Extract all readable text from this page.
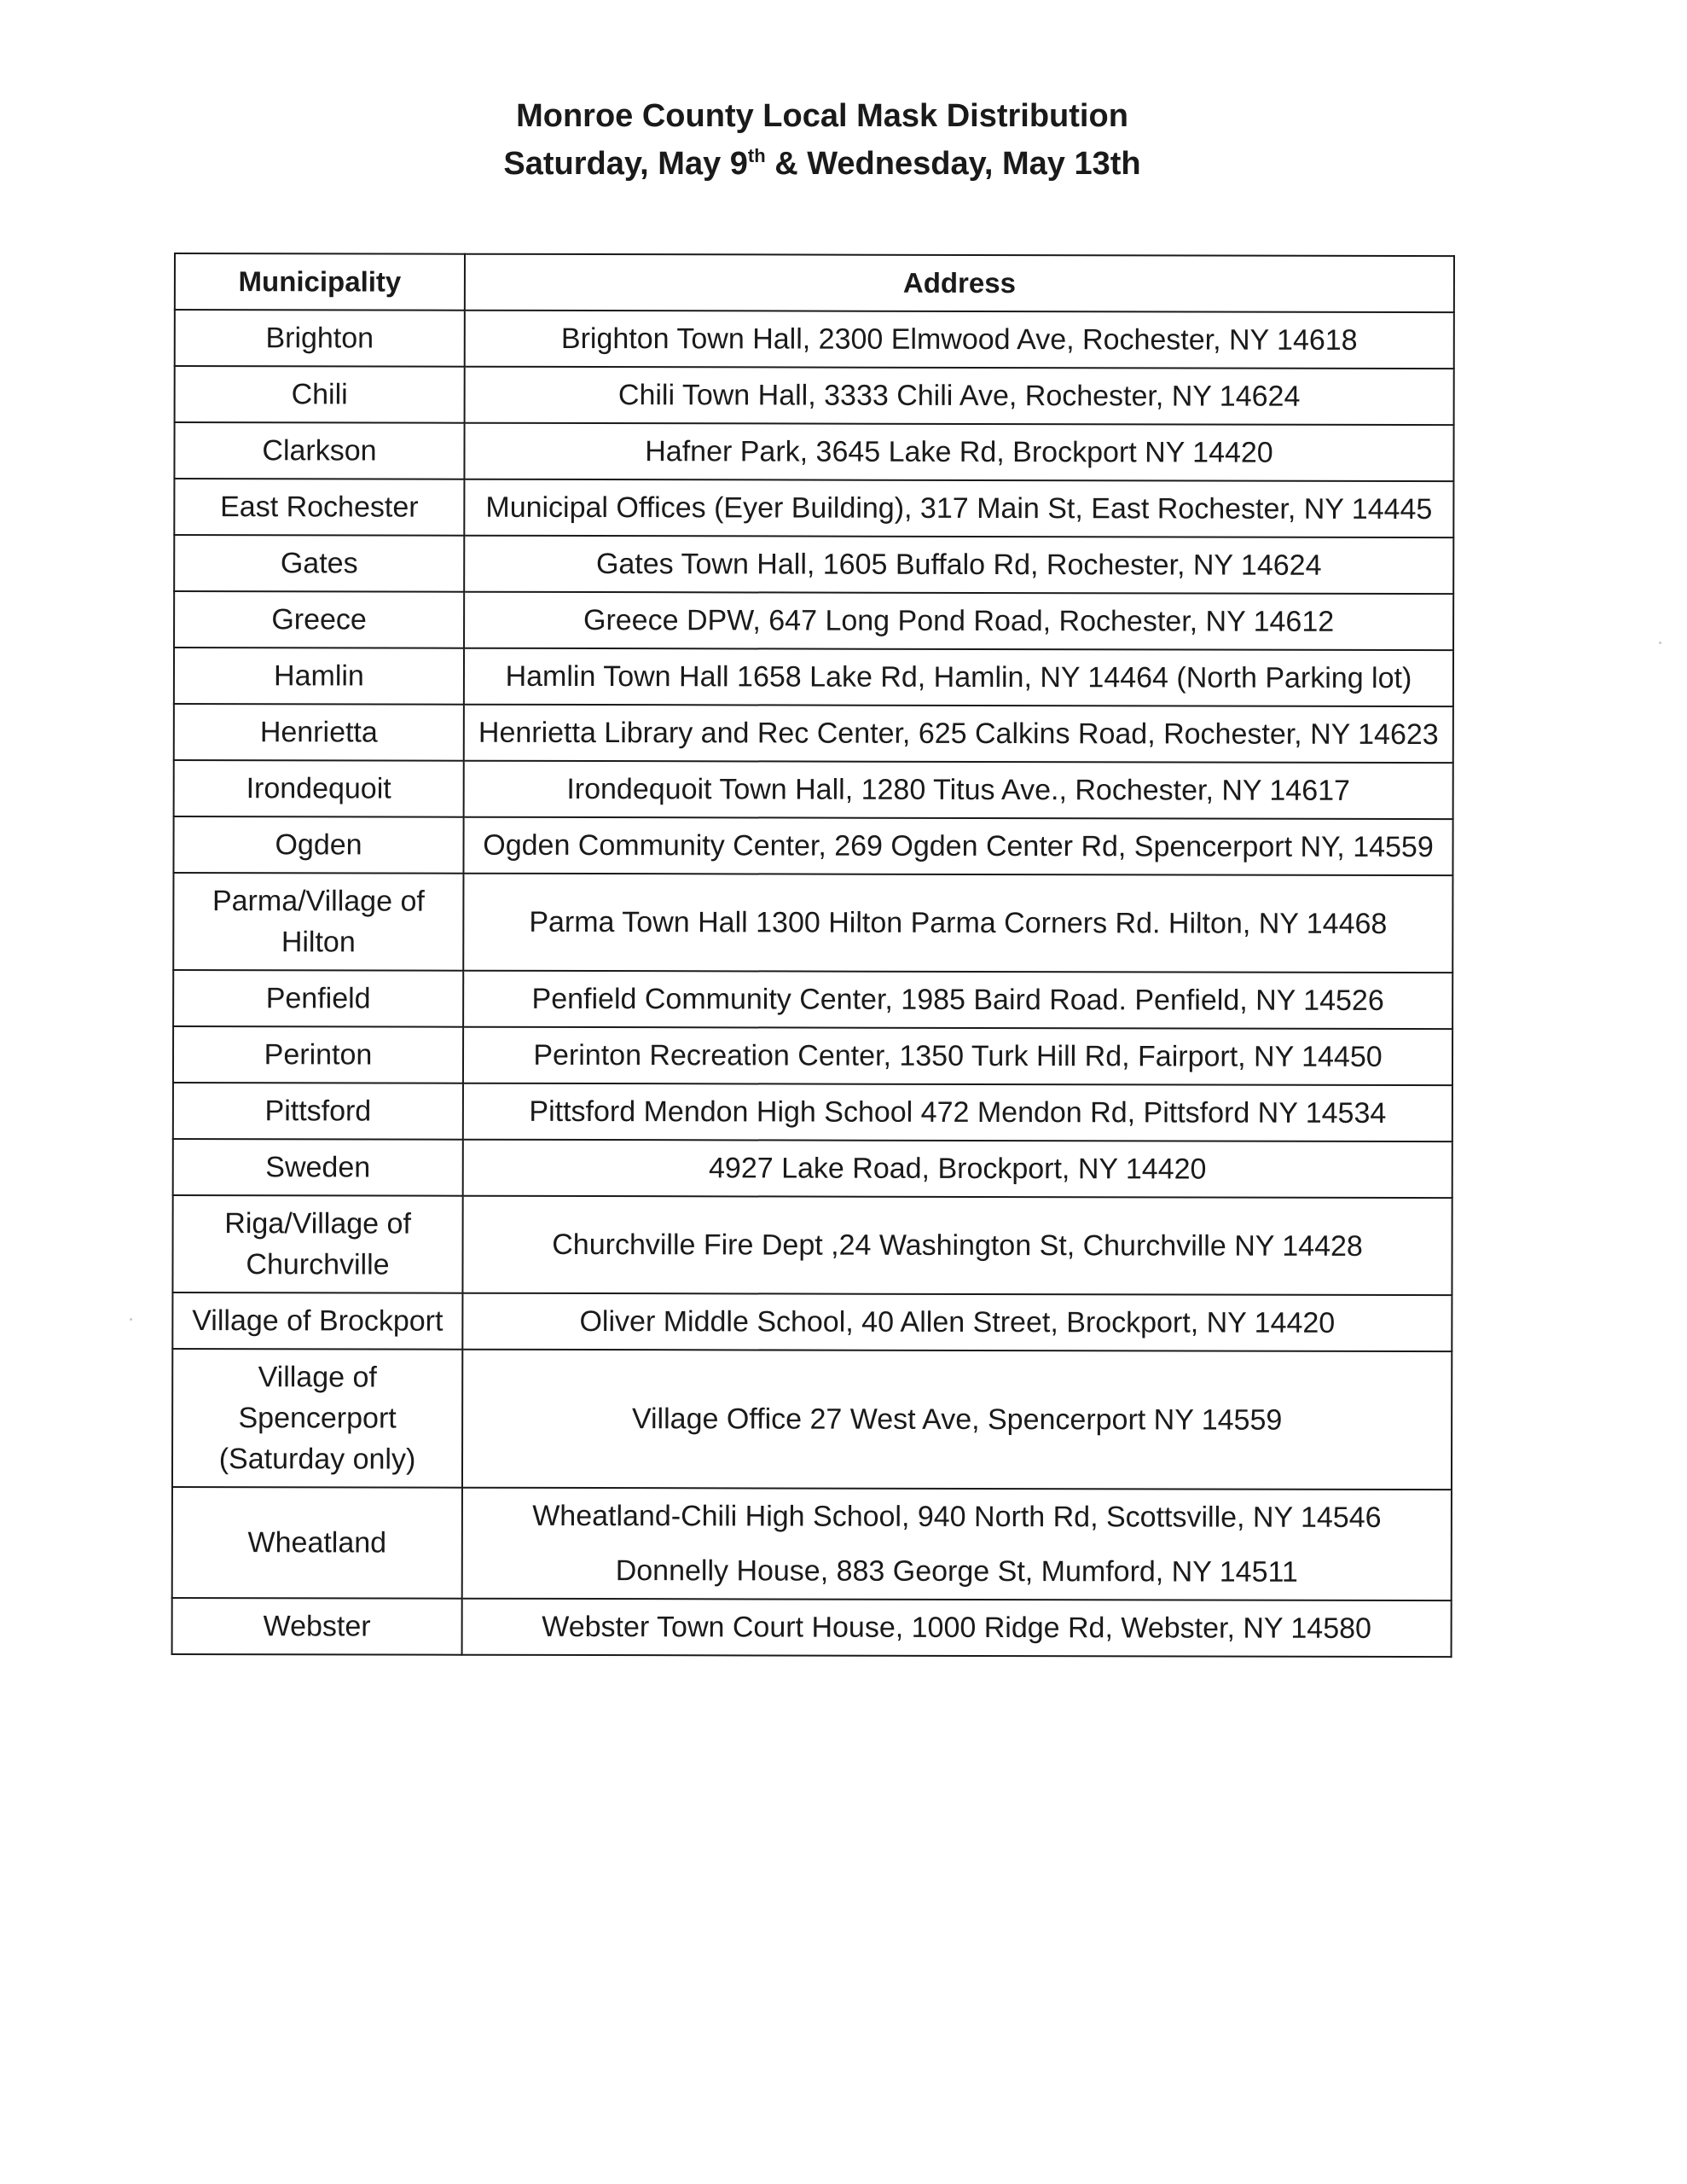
Monroe County Local Mask Distribution

Saturday, May 9th & Wednesday, May 13th

Municipality	Address
Brighton	Brighton Town Hall, 2300 Elmwood Ave, Rochester, NY 14618

Chili	Chili Town Hall, 3333 Chili Ave, Rochester, NY 14624

Clarkson	Hafner Park, 3645 Lake Rd, Brockport NY 14420

East Rochester	Municipal Offices (Eyer Building), 317 Main St, East Rochester, NY 14445

Gates	Gates Town Hall, 1605 Buffalo Rd, Rochester, NY 14624

Greece	Greece DPW, 647 Long Pond Road, Rochester, NY 14612

Hamlin	Hamlin Town Hall 1658 Lake Rd, Hamlin, NY 14464 (North Parking lot)

Henrietta	Henrietta Library and Rec Center, 625 Calkins Road, Rochester, NY 14623

Irondequoit	Irondequoit Town Hall, 1280 Titus Ave., Rochester, NY 14617

Ogden	Ogden Community Center, 269 Ogden Center Rd, Spencerport NY, 14559

Parma/Village of Hilton	Parma Town Hall 1300 Hilton Parma Corners Rd. Hilton, NY 14468

Penfield	Penfield Community Center, 1985 Baird Road. Penfield, NY 14526

Perinton	Perinton Recreation Center, 1350 Turk Hill Rd, Fairport, NY 14450

Pittsford	Pittsford Mendon High School 472 Mendon Rd, Pittsford NY 14534

Sweden	4927 Lake Road, Brockport, NY 14420

Riga/Village of Churchville	Churchville Fire Dept ,24 Washington St, Churchville NY 14428

Village of Brockport	Oliver Middle School, 40 Allen Street, Brockport, NY 14420

Village of Spencerport (Saturday only)	Village Office 27 West Ave, Spencerport NY 14559

Wheatland	Wheatland-Chili High School, 940 North Rd, Scottsville, NY 14546
Donnelly House, 883 George St, Mumford, NY 14511

Webster	Webster Town Court House, 1000 Ridge Rd, Webster, NY 14580
